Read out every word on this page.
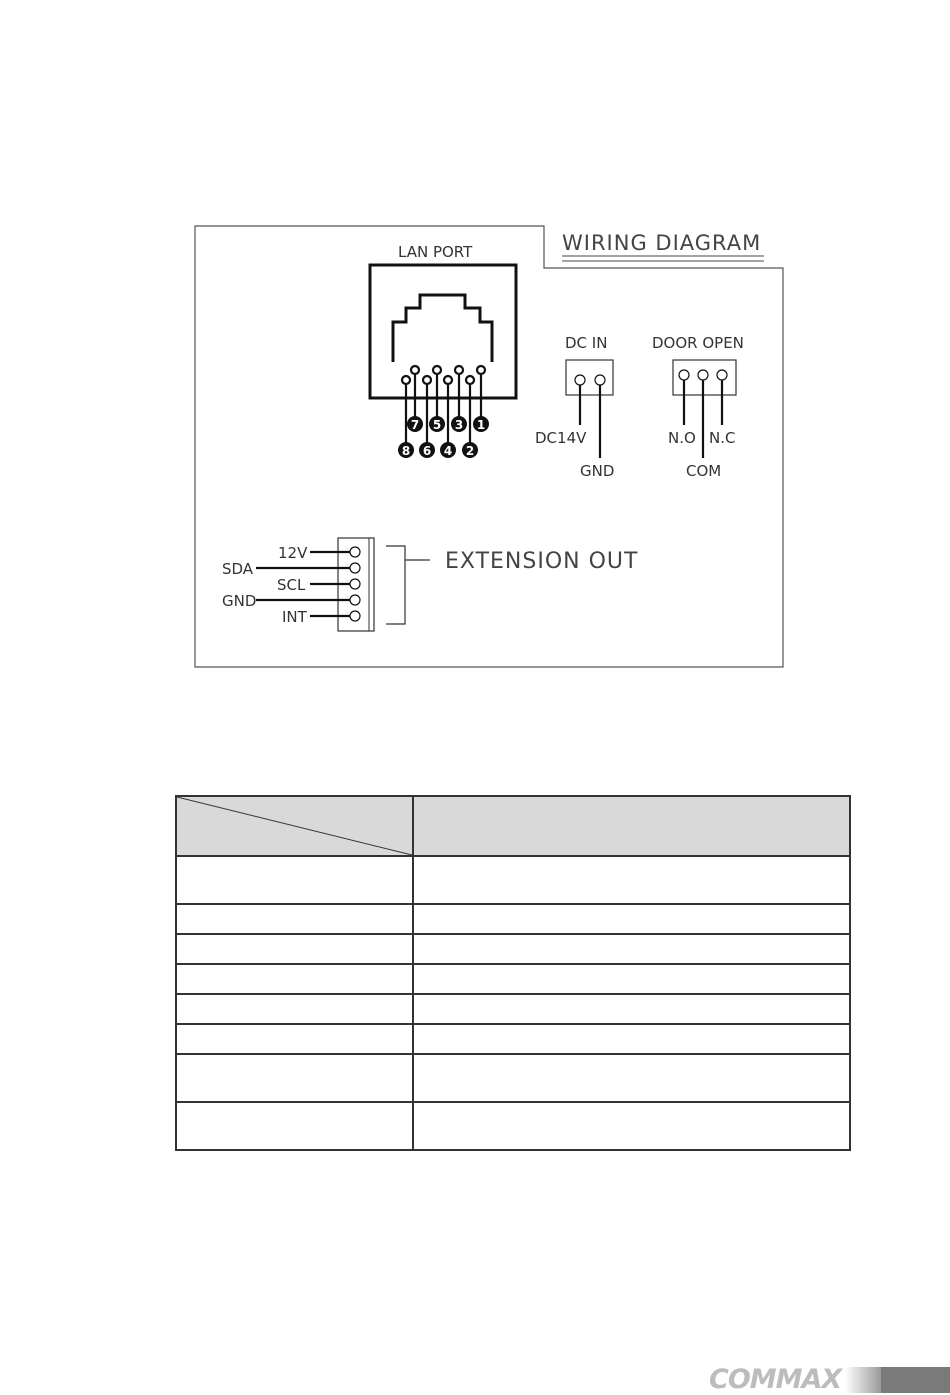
WIRING DIAGRAM
LAN PORT
7 5 3 1
8 6 4 2
DC IN
DC14V
GND
DOOR OPEN
N.O
COM
N.C
12V
SDA
SCL
GND
INT
EXTENSION OUT

COMMAX
